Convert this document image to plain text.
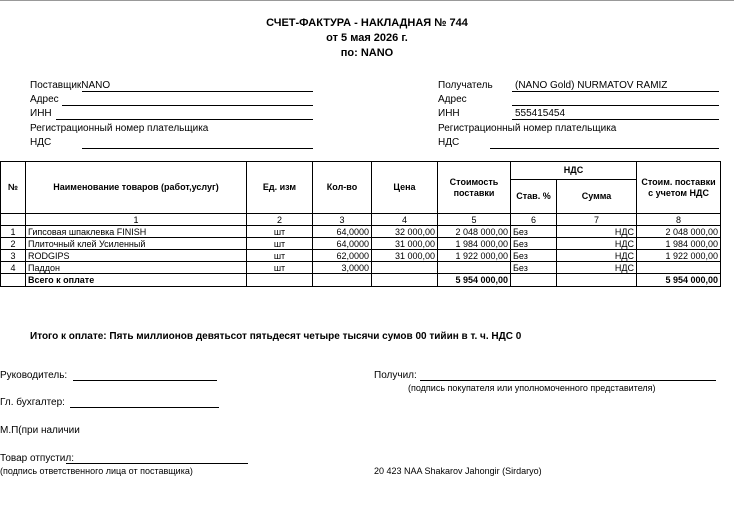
СЧЕТ-ФАКТУРА - НАКЛАДНАЯ № 744
от 5 мая 2026 г.
по: NANO
ПоставщикNANO
Адрес
ИНН
Регистрационный номер плательщика
НДС
Получатель (NANO Gold) NURMATOV RAMIZ
Адрес
ИНН	555415454
Регистрационный номер плательщика
НДС
№	Наименование товаров (работ,услуг)	Ед. изм	Кол-во	Цена	Стоимость поставки	НДС		Стоим. поставки с учетом НДС
						Став. %	Сумма	
	1	2	3	4	5	6	7	8
1	Гипсовая шпаклевка FINISH	шт	64,0000	32 000,00	2 048 000,00	Без	НДС	2 048 000,00
2	Плиточный клей Усиленный	шт	64,0000	31 000,00	1 984 000,00	Без	НДС	1 984 000,00
3	RODGIPS	шт	62,0000	31 000,00	1 922 000,00	Без	НДС	1 922 000,00
4	Паддон	шт	3,0000			Без	НДС	
	Всего к оплате				5 954 000,00			5 954 000,00
Итого к оплате: Пять миллионов девятьсот пятьдесят четыре тысячи сумов 00 тийин в т. ч. НДС 0
Руководитель:
Гл. бухгалтер:
М.П(при наличии
Товар отпустил:
(подпись ответственного лица от поставщика)
Получил:
(подпись покупателя или уполномоченного представителя)
20 423 NAA Shakarov Jahongir (Sirdaryo)
